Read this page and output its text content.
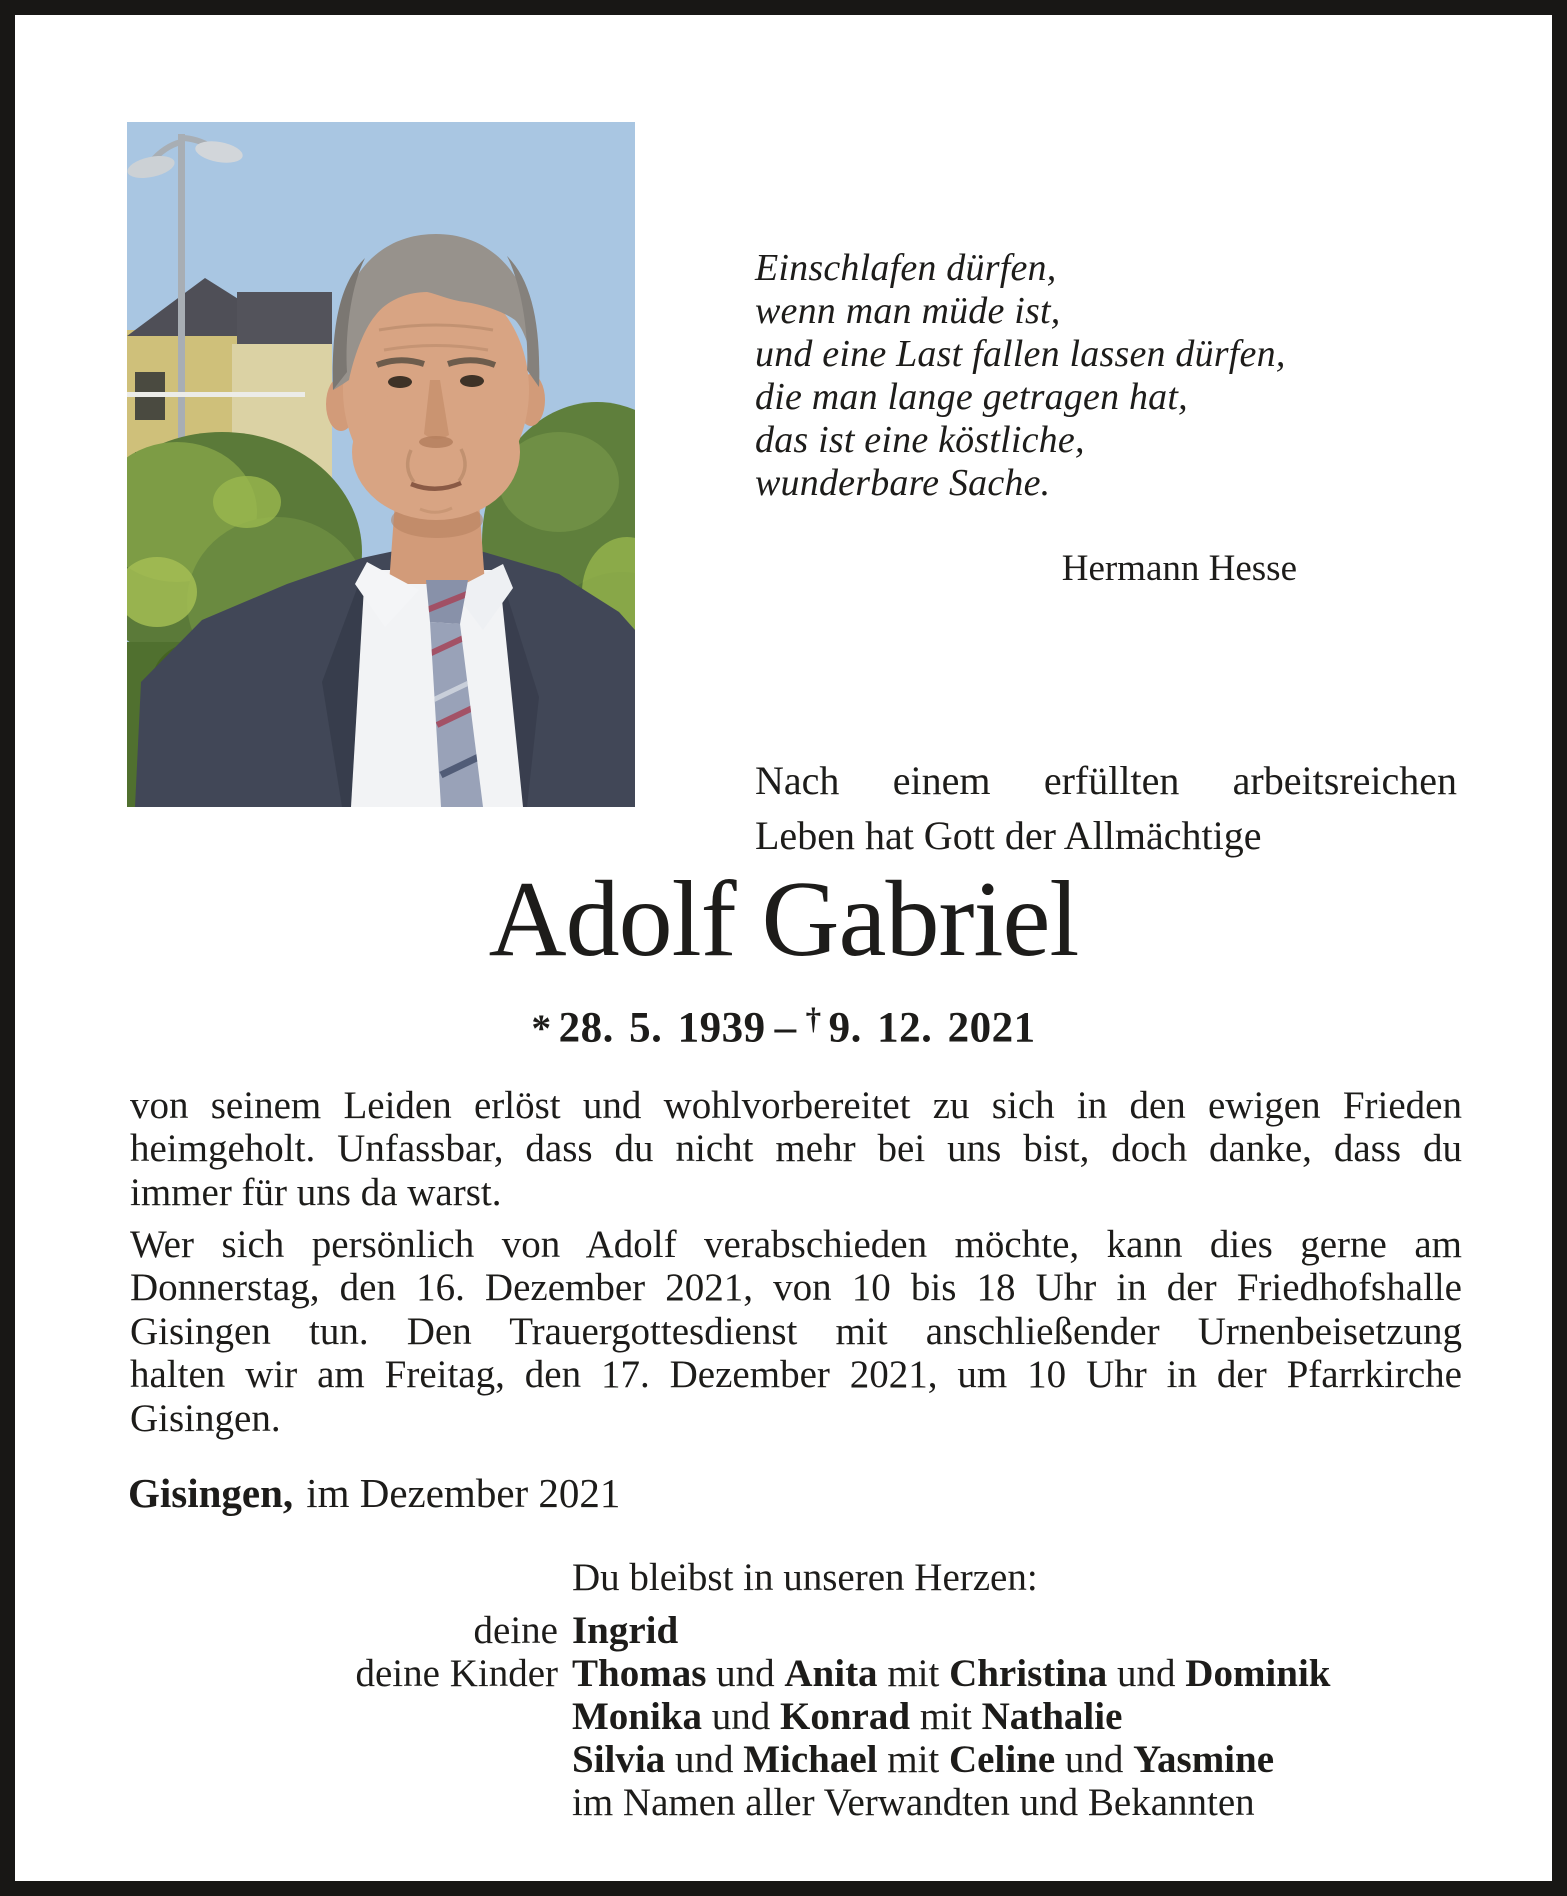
Einschlafen dürfen,
wenn man müde ist,
und eine Last fallen lassen dürfen,
die man lange getragen hat,
das ist eine köstliche,
wunderbare Sache.
Hermann Hesse
Nach einem erfüllten arbeitsreichen
Leben hat Gott der Allmächtige
Adolf Gabriel
* 28. 5. 1939 – † 9. 12. 2021
von seinem Leiden erlöst und wohlvorbereitet zu sich in den ewigen Frieden
heimgeholt. Unfassbar, dass du nicht mehr bei uns bist, doch danke, dass du
immer für uns da warst.
Wer sich persönlich von Adolf verabschieden möchte, kann dies gerne am
Donnerstag, den 16. Dezember 2021, von 10 bis 18 Uhr in der Friedhofshalle
Gisingen tun. Den Trauergottesdienst mit anschließender Urnenbeisetzung
halten wir am Freitag, den 17. Dezember 2021, um 10 Uhr in der Pfarrkirche
Gisingen.
Gisingen, im Dezember 2021
Du bleibst in unseren Herzen:
deine Ingrid
deine Kinder Thomas und Anita mit Christina und Dominik
Monika und Konrad mit Nathalie
Silvia und Michael mit Celine und Yasmine
im Namen aller Verwandten und Bekannten
